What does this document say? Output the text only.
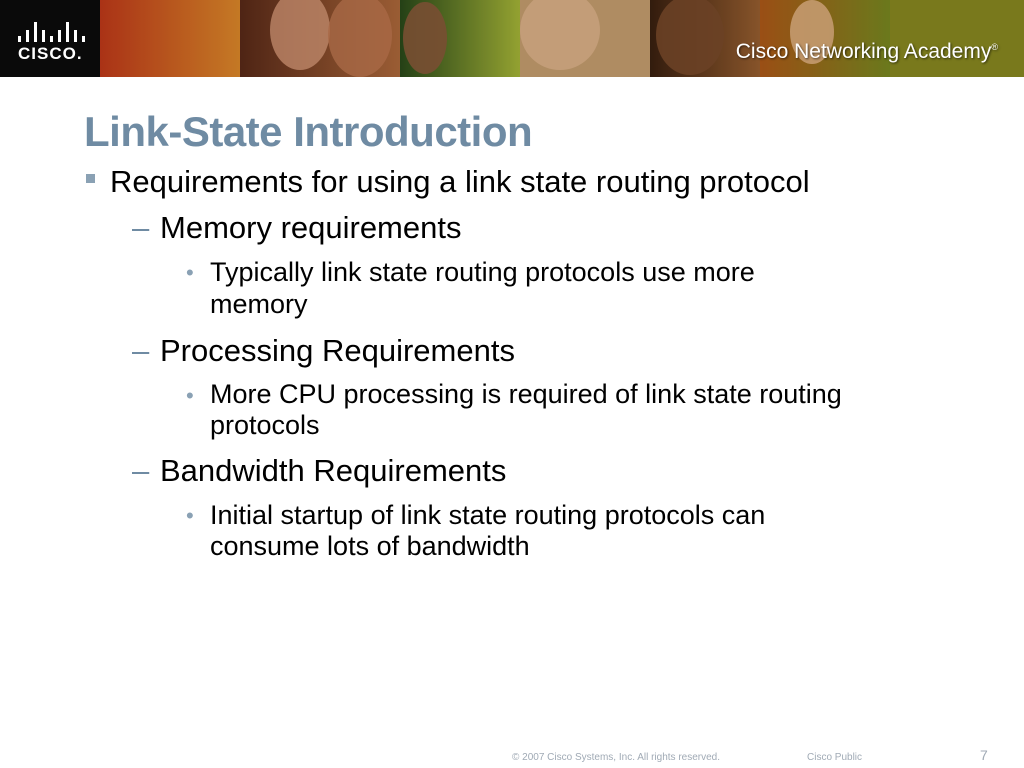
CISCO.	Cisco Networking Academy®
Link-State Introduction
Requirements for using a link state routing protocol
– Memory requirements
• Typically link state routing protocols use more
memory
– Processing Requirements
• More CPU processing is required of link state routing
protocols
– Bandwidth Requirements
• Initial startup of link state routing protocols can
consume lots of bandwidth
© 2007 Cisco Systems, Inc. All rights reserved.	Cisco Public	7
